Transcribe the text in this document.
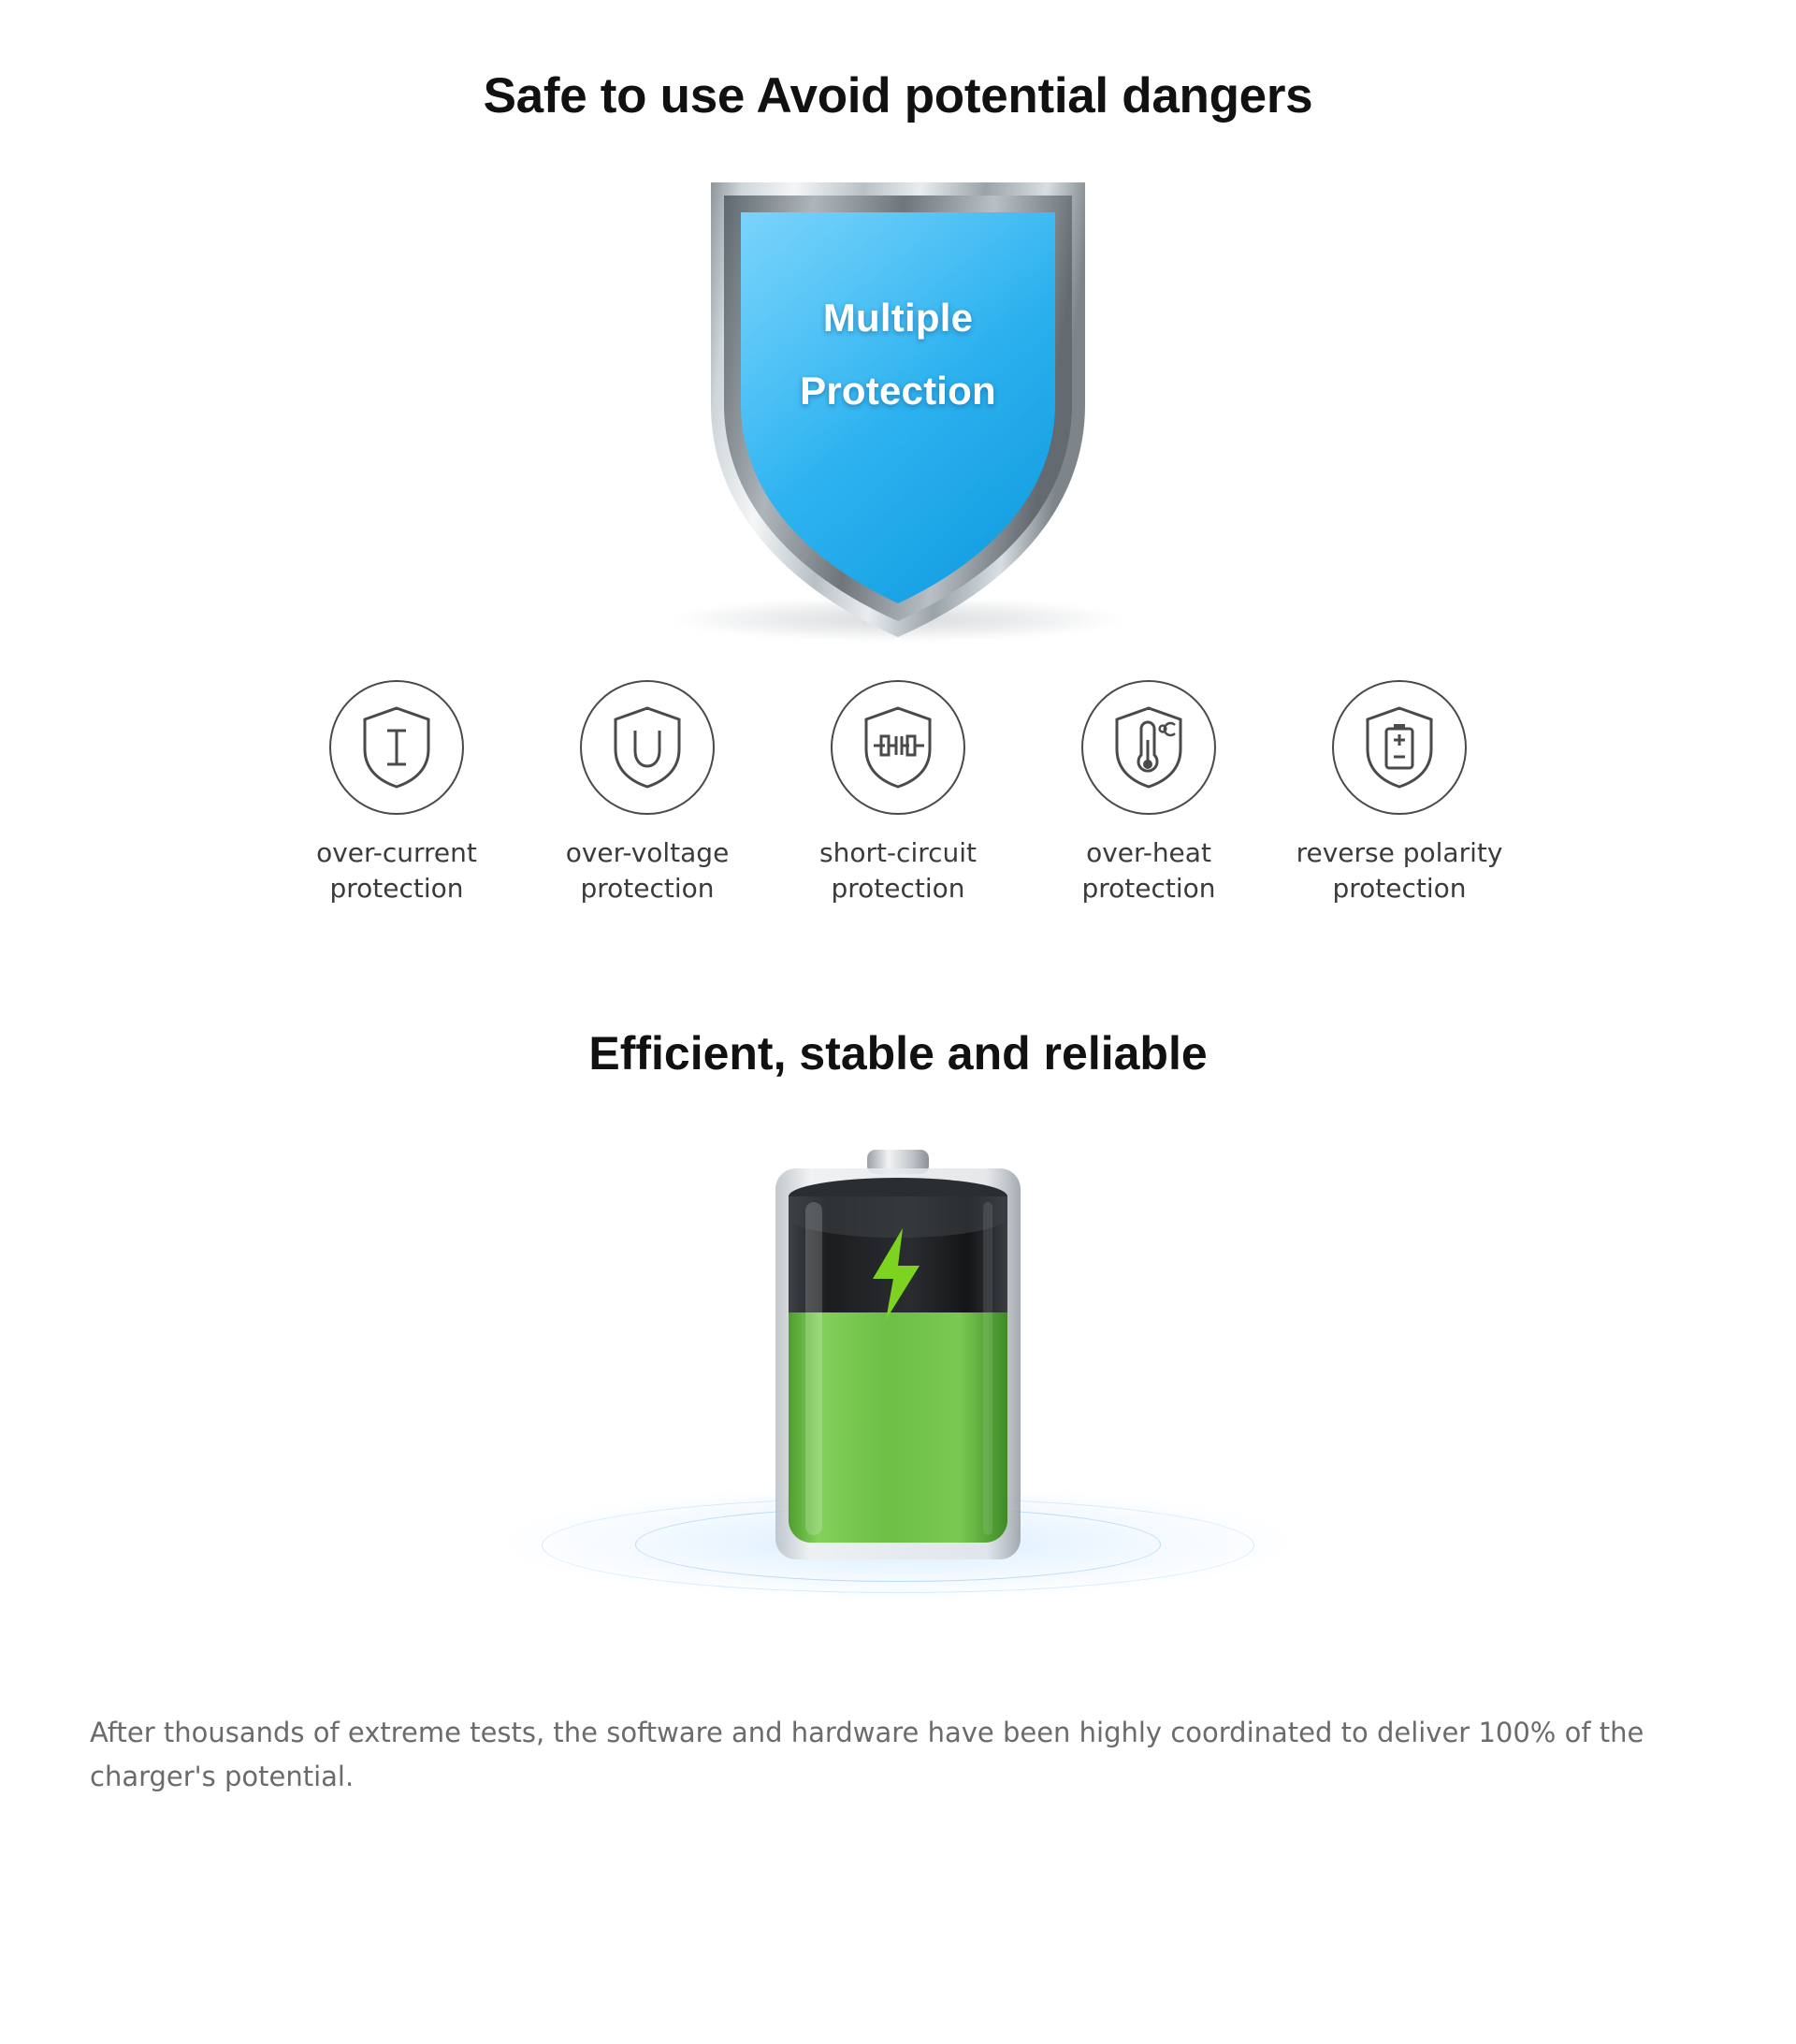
Safe to use Avoid potential dangers
Multiple
Protection
over-current protection
over-voltage protection
short-circuit protection
over-heat protection
reverse polarity protection
Efficient, stable and reliable

After thousands of extreme tests, the software and hardware have been highly coordinated to deliver 100% of the charger's potential.
